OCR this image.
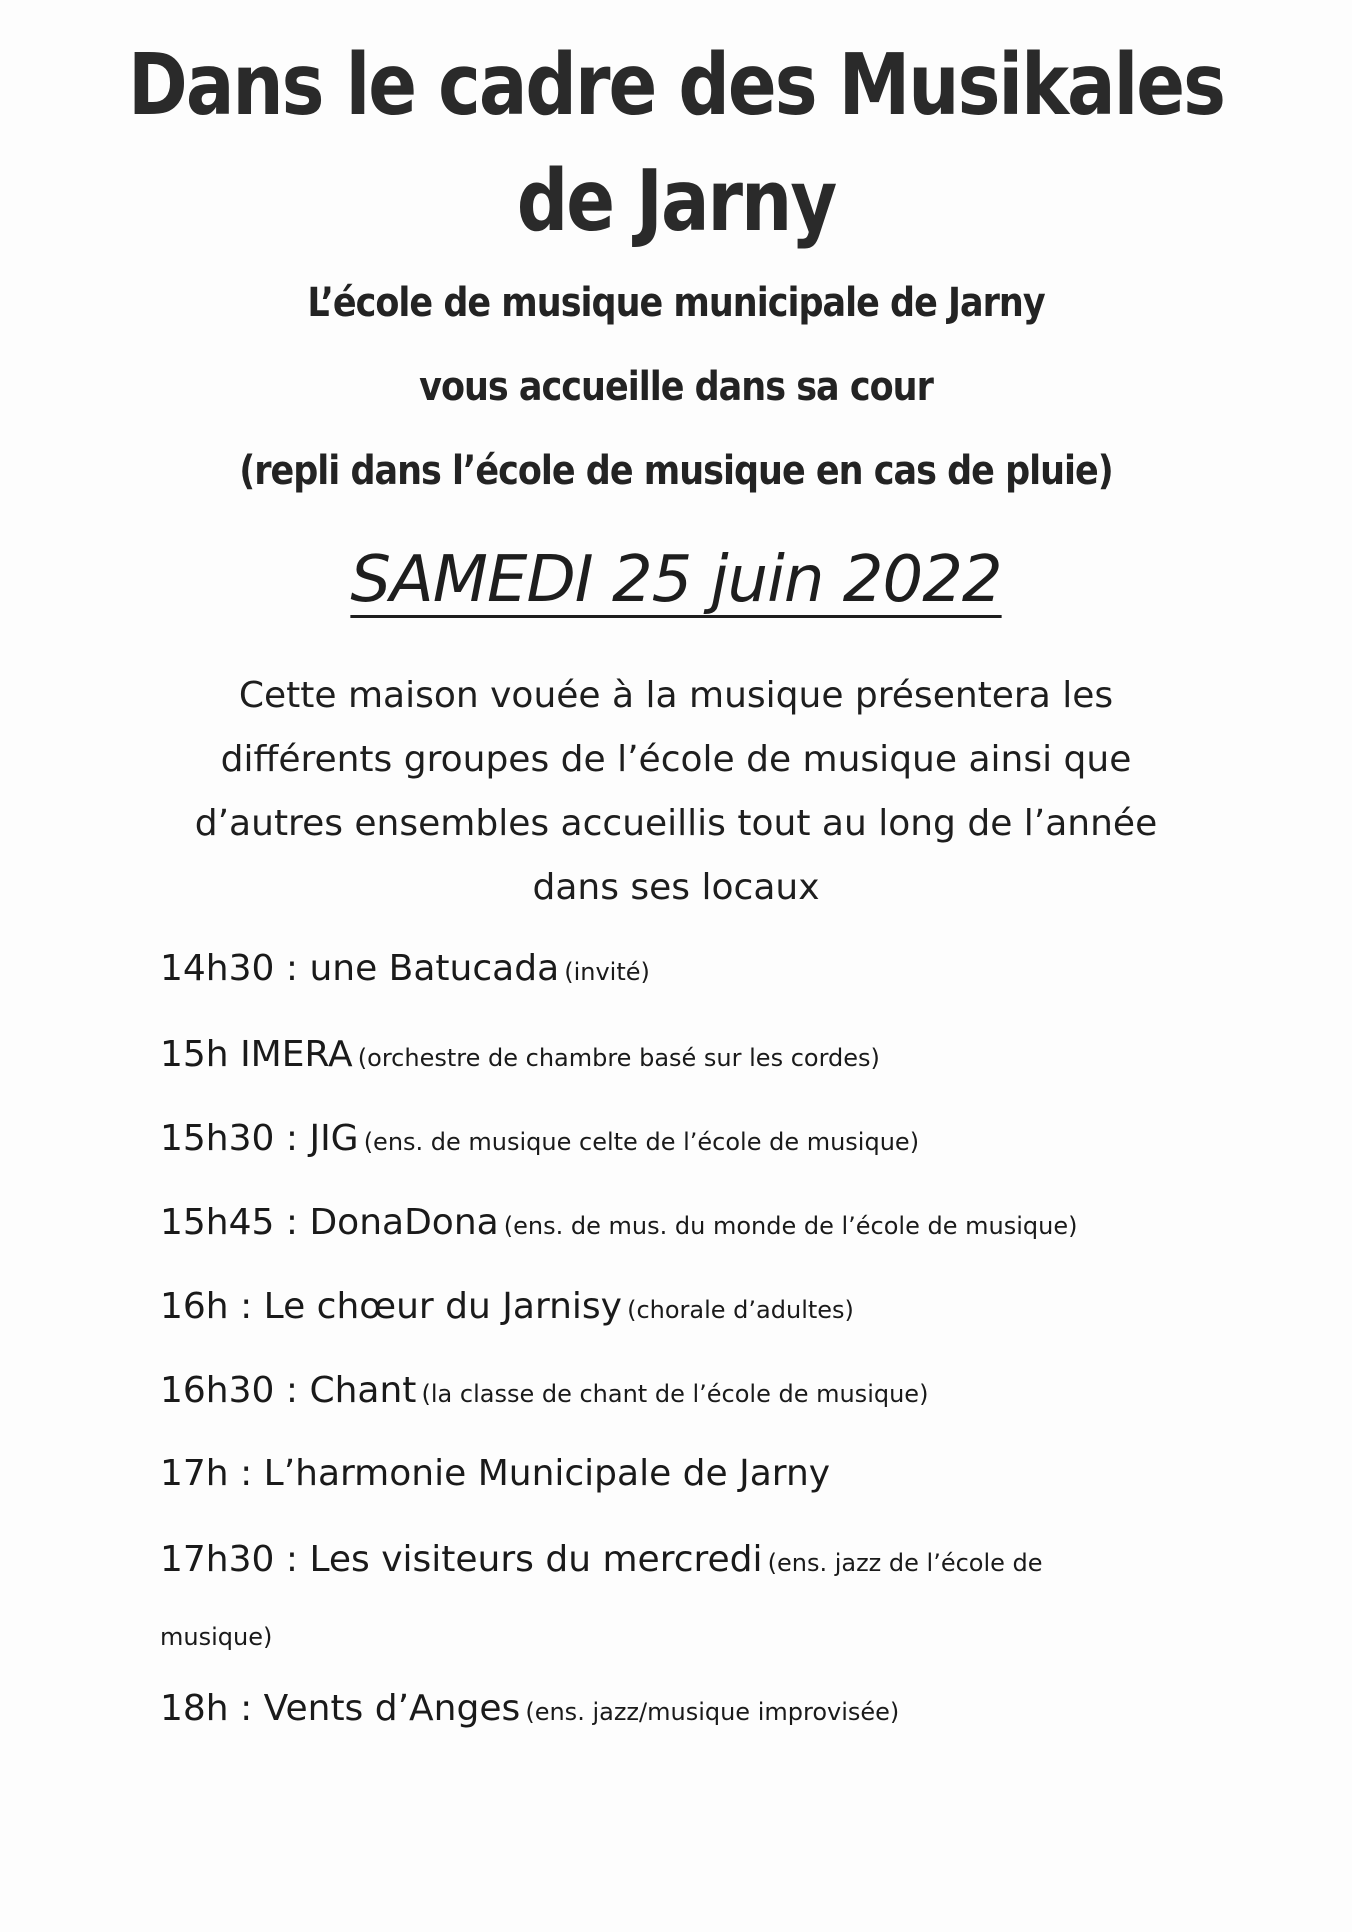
Dans le cadre des Musikales
de Jarny

L’école de musique municipale de Jarny

vous accueille dans sa cour

(repli dans l’école de musique en cas de pluie)

SAMEDI 25 juin 2022
Cette maison vouée à la musique présentera les
différents groupes de l’école de musique ainsi que
d’autres ensembles accueillis tout au long de l’année
dans ses locaux
14h30 : une Batucada (invité)
15h IMERA (orchestre de chambre basé sur les cordes)
15h30 : JIG (ens. de musique celte de l’école de musique)
15h45 : DonaDona (ens. de mus. du monde de l’école de musique)
16h : Le chœur du Jarnisy (chorale d’adultes)
16h30 : Chant (la classe de chant de l’école de musique)
17h : L’harmonie Municipale de Jarny
17h30 : Les visiteurs du mercredi (ens. jazz de l’école de
musique)
18h : Vents d’Anges (ens. jazz/musique improvisée)
